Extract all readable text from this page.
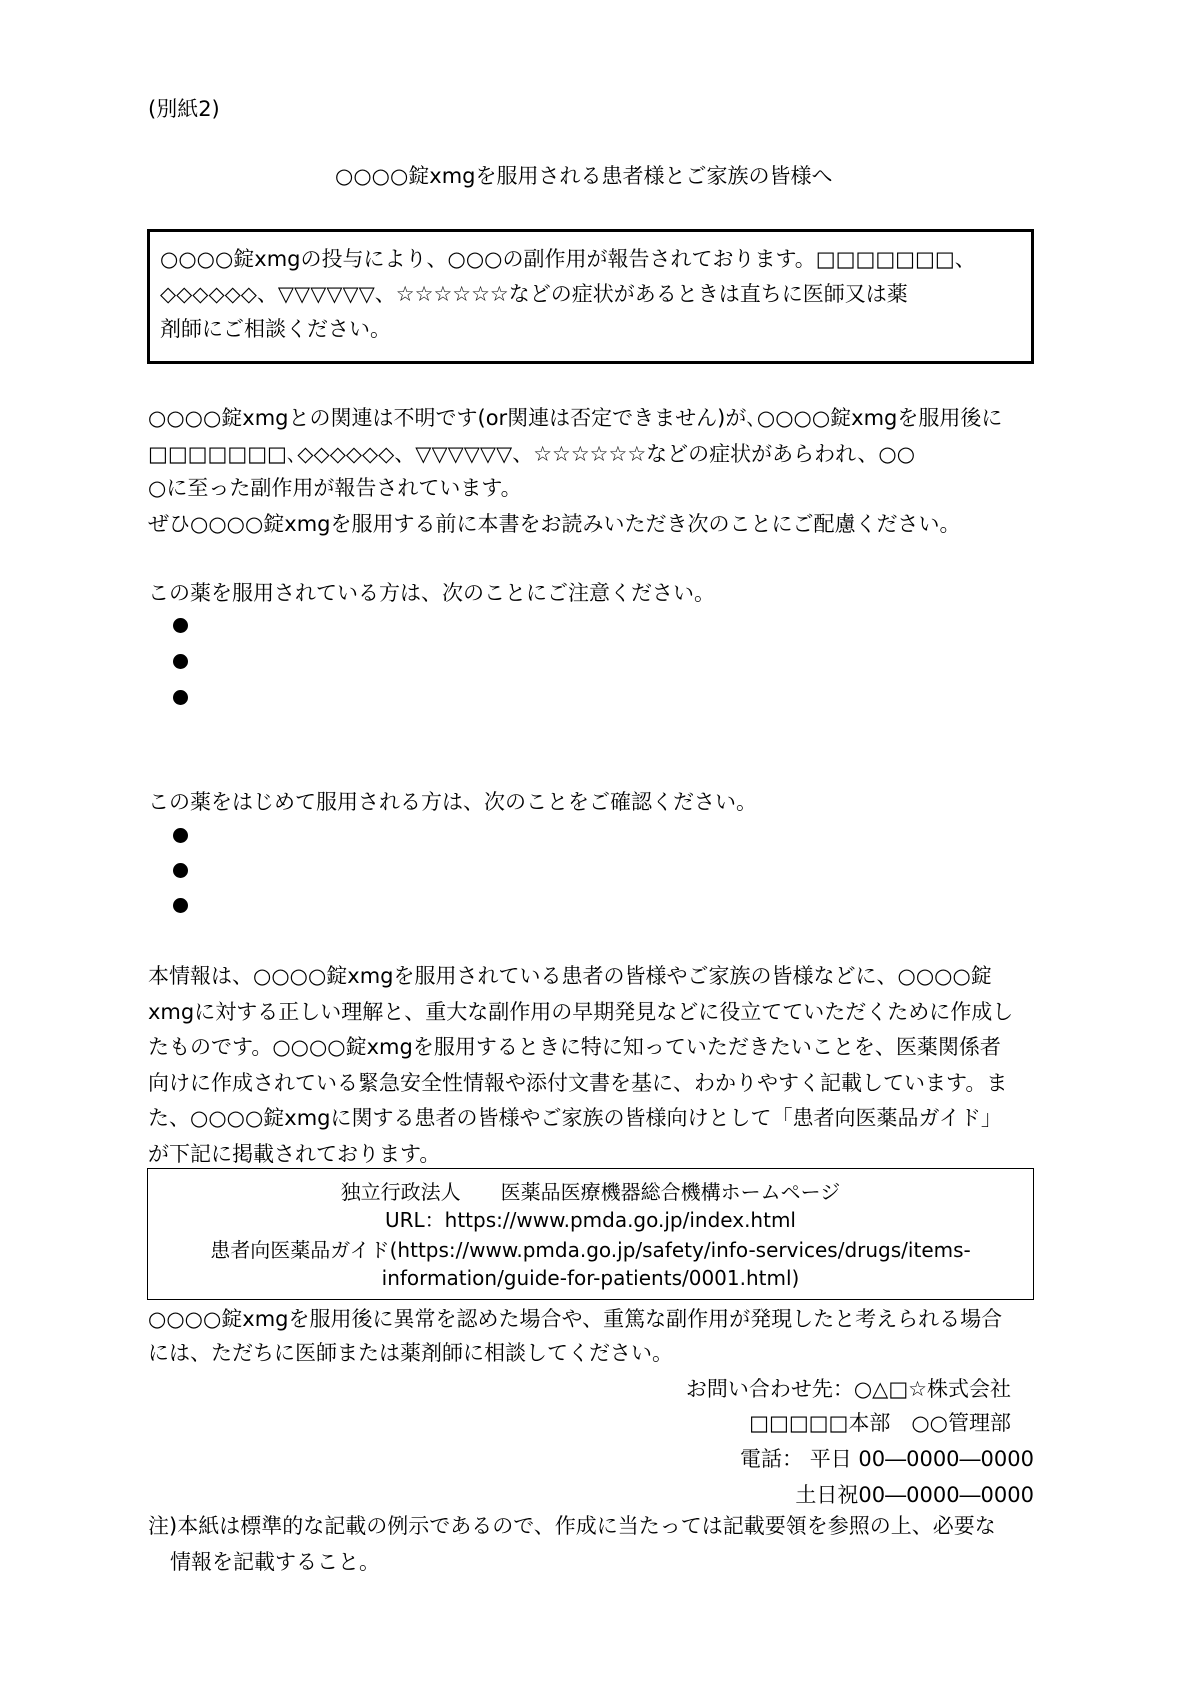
(別紙2)
○○○○錠xmgを服用される患者様とご家族の皆様へ
○○○○錠xmgの投与により、○○○の副作用が報告されております。□□□□□□□、
◇◇◇◇◇◇、▽▽▽▽▽▽、☆☆☆☆☆☆などの症状があるときは直ちに医師又は薬
剤師にご相談ください。
○○○○錠xmgとの関連は不明です(or関連は否定できません)が､○○○○錠xmgを服用後に
□□□□□□□､◇◇◇◇◇◇、▽▽▽▽▽▽、☆☆☆☆☆☆などの症状があらわれ、○○
○に至った副作用が報告されています。
ぜひ○○○○錠xmgを服用する前に本書をお読みいただき次のことにご配慮ください。
この薬を服用されている方は、次のことにご注意ください。
この薬をはじめて服用される方は、次のことをご確認ください。
本情報は、○○○○錠xmgを服用されている患者の皆様やご家族の皆様などに、○○○○錠
xmgに対する正しい理解と、重大な副作用の早期発見などに役立てていただくために作成し
たものです。○○○○錠xmgを服用するときに特に知っていただきたいことを、医薬関係者
向けに作成されている緊急安全性情報や添付文書を基に、わかりやすく記載しています。ま
た、○○○○錠xmgに関する患者の皆様やご家族の皆様向けとして「患者向医薬品ガイド」
が下記に掲載されております。
独立行政法人　　医薬品医療機器総合機構ホームページ
URL：https://www.pmda.go.jp/index.html
患者向医薬品ガイド(https://www.pmda.go.jp/safety/info-services/drugs/items-
information/guide-for-patients/0001.html)
○○○○錠xmgを服用後に異常を認めた場合や、重篤な副作用が発現したと考えられる場合
には、ただちに医師または薬剤師に相談してください。
お問い合わせ先：○△□☆株式会社
□□□□□本部　○○管理部
電話： 平日 00―0000―0000
土日祝00―0000―0000
注)本紙は標準的な記載の例示であるので、作成に当たっては記載要領を参照の上、必要な
情報を記載すること。
